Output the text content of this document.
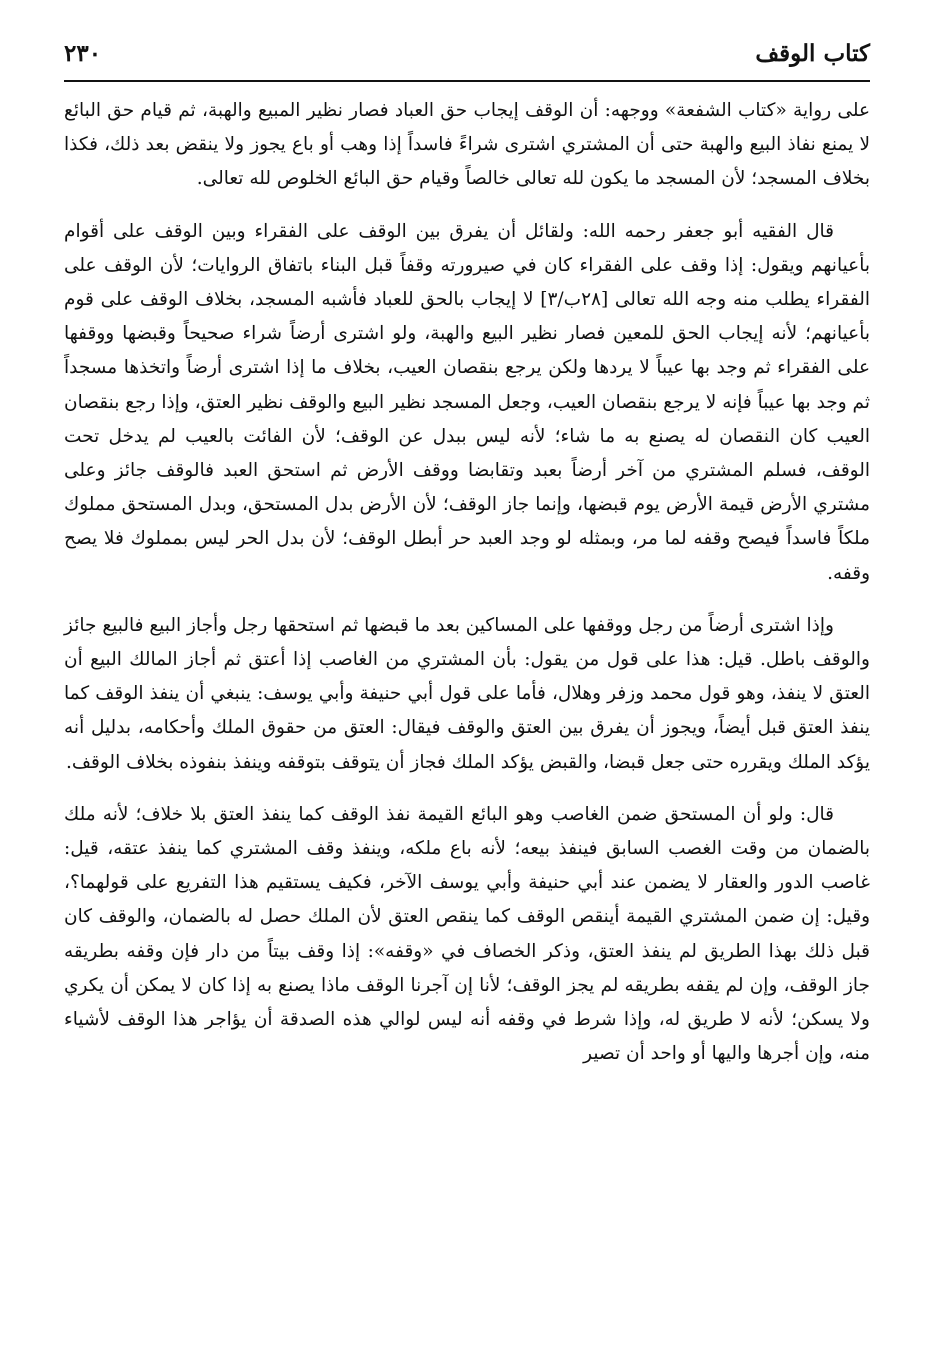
كتاب الوقف
٢٣٠

على رواية «كتاب الشفعة» ووجهه: أن الوقف إيجاب حق العباد فصار نظير المبيع والهبة، ثم قيام حق البائع لا يمنع نفاذ البيع والهبة حتى أن المشتري اشترى شراءً فاسداً إذا وهب أو باع يجوز ولا ينقض بعد ذلك، فكذا بخلاف المسجد؛ لأن المسجد ما يكون لله تعالى خالصاً وقيام حق البائع الخلوص لله تعالى.

قال الفقيه أبو جعفر رحمه الله: ولقائل أن يفرق بين الوقف على الفقراء وبين الوقف على أقوام بأعيانهم ويقول: إذا وقف على الفقراء كان في صيرورته وقفاً قبل البناء باتفاق الروايات؛ لأن الوقف على الفقراء يطلب منه وجه الله تعالى [٢٨ب/٣] لا إيجاب بالحق للعباد فأشبه المسجد، بخلاف الوقف على قوم بأعيانهم؛ لأنه إيجاب الحق للمعين فصار نظير البيع والهبة، ولو اشترى أرضاً شراء صحيحاً وقبضها ووقفها على الفقراء ثم وجد بها عيباً لا يردها ولكن يرجع بنقصان العيب، بخلاف ما إذا اشترى أرضاً واتخذها مسجداً ثم وجد بها عيباً فإنه لا يرجع بنقصان العيب، وجعل المسجد نظير البيع والوقف نظير العتق، وإذا رجع بنقصان العيب كان النقصان له يصنع به ما شاء؛ لأنه ليس ببدل عن الوقف؛ لأن الفائت بالعيب لم يدخل تحت الوقف، فسلم المشتري من آخر أرضاً بعبد وتقابضا ووقف الأرض ثم استحق العبد فالوقف جائز وعلى مشتري الأرض قيمة الأرض يوم قبضها، وإنما جاز الوقف؛ لأن الأرض بدل المستحق، وبدل المستحق مملوك ملكاً فاسداً فيصح وقفه لما مر، وبمثله لو وجد العبد حر أبطل الوقف؛ لأن بدل الحر ليس بمملوك فلا يصح وقفه.

وإذا اشترى أرضاً من رجل ووقفها على المساكين بعد ما قبضها ثم استحقها رجل وأجاز البيع فالبيع جائز والوقف باطل. قيل: هذا على قول من يقول: بأن المشتري من الغاصب إذا أعتق ثم أجاز المالك البيع أن العتق لا ينفذ، وهو قول محمد وزفر وهلال، فأما على قول أبي حنيفة وأبي يوسف: ينبغي أن ينفذ الوقف كما ينفذ العتق قبل أيضاً، ويجوز أن يفرق بين العتق والوقف فيقال: العتق من حقوق الملك وأحكامه، بدليل أنه يؤكد الملك ويقرره حتى جعل قبضا، والقبض يؤكد الملك فجاز أن يتوقف بتوقفه وينفذ بنفوذه بخلاف الوقف.

قال: ولو أن المستحق ضمن الغاصب وهو البائع القيمة نفذ الوقف كما ينفذ العتق بلا خلاف؛ لأنه ملك بالضمان من وقت الغصب السابق فينفذ بيعه؛ لأنه باع ملكه، وينفذ وقف المشتري كما ينفذ عتقه، قيل: غاصب الدور والعقار لا يضمن عند أبي حنيفة وأبي يوسف الآخر، فكيف يستقيم هذا التفريع على قولهما؟، وقيل: إن ضمن المشتري القيمة أينقص الوقف كما ينقص العتق لأن الملك حصل له بالضمان، والوقف كان قبل ذلك بهذا الطريق لم ينفذ العتق، وذكر الخصاف في «وقفه»: إذا وقف بيتاً من دار فإن وقفه بطريقه جاز الوقف، وإن لم يقفه بطريقه لم يجز الوقف؛ لأنا إن آجرنا الوقف ماذا يصنع به إذا كان لا يمكن أن يكري ولا يسكن؛ لأنه لا طريق له، وإذا شرط في وقفه أنه ليس لوالي هذه الصدقة أن يؤاجر هذا الوقف لأشياء منه، وإن أجرها واليها أو واحد أن تصير
